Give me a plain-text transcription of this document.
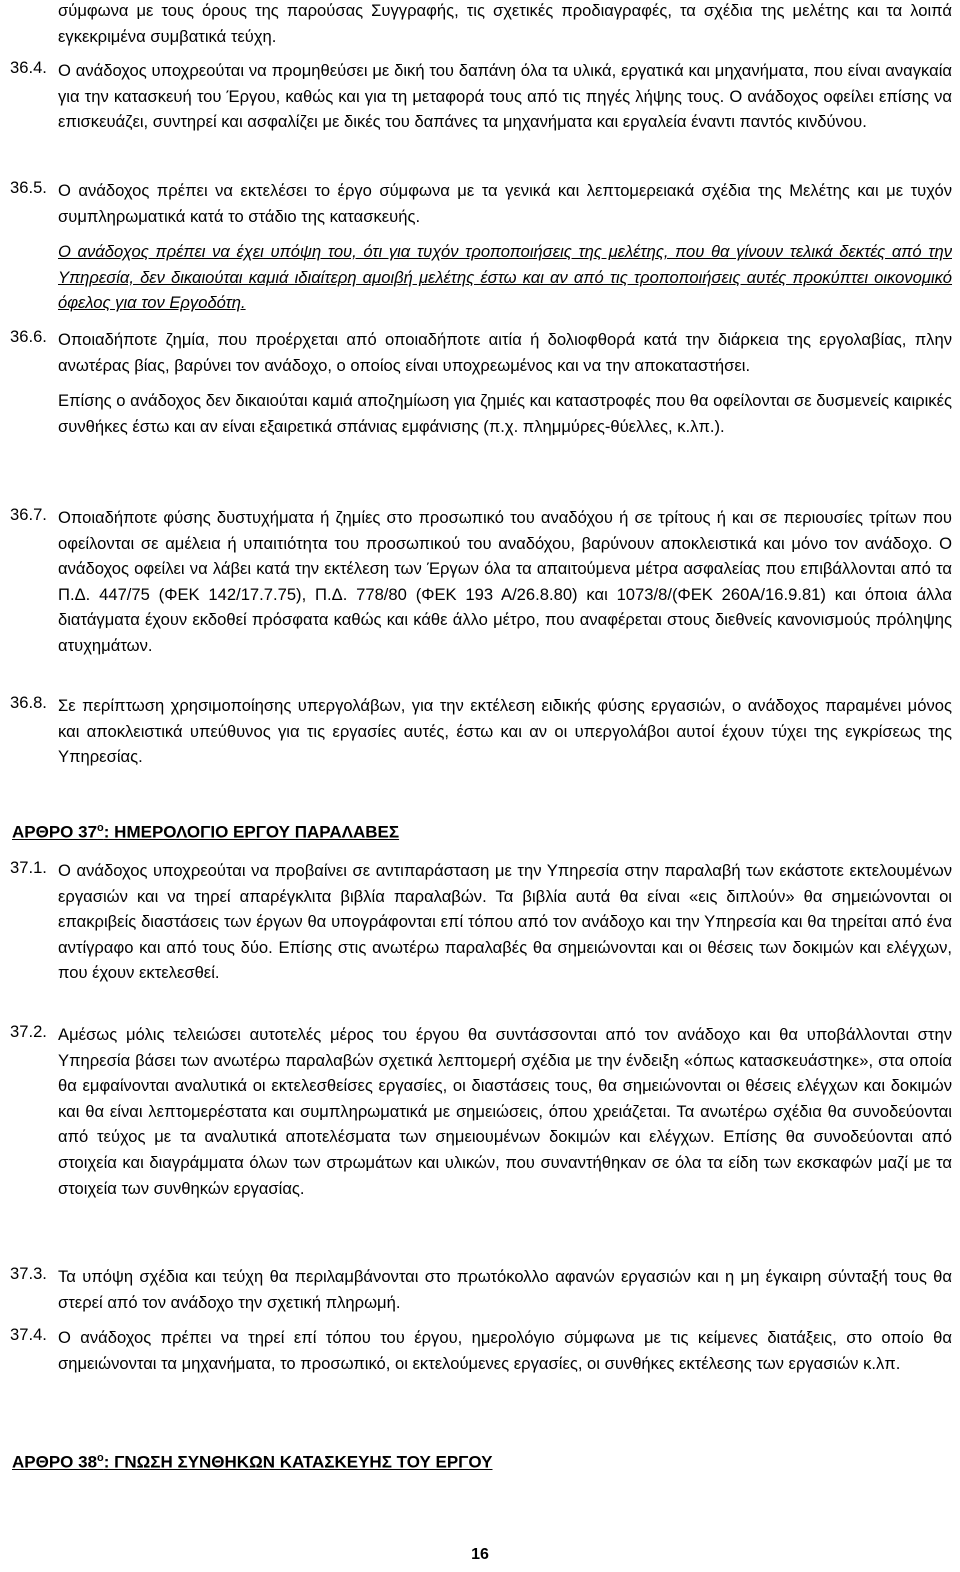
σύμφωνα με τους όρους της παρούσας Συγγραφής, τις σχετικές προδιαγραφές, τα σχέδια της μελέτης και τα λοιπά εγκεκριμένα συμβατικά τεύχη.
36.4. Ο ανάδοχος υποχρεούται να προμηθεύσει με δική του δαπάνη όλα τα υλικά, εργατικά και μηχανήματα, που είναι αναγκαία για την κατασκευή του Έργου, καθώς και για τη μεταφορά τους από τις πηγές λήψης τους. Ο ανάδοχος οφείλει επίσης να επισκευάζει, συντηρεί και ασφαλίζει με δικές του δαπάνες τα μηχανήματα και εργαλεία έναντι παντός κινδύνου.

36.5. Ο ανάδοχος πρέπει να εκτελέσει το έργο σύμφωνα με τα γενικά και λεπτομερειακά σχέδια της Μελέτης και με τυχόν συμπληρωματικά κατά το στάδιο της κατασκευής.

Ο ανάδοχος πρέπει να έχει υπόψη του, ότι για τυχόν τροποποιήσεις της μελέτης, που θα γίνουν τελικά δεκτές από την Υπηρεσία, δεν δικαιούται καμιά ιδιαίτερη αμοιβή μελέτης έστω και αν από τις τροποποιήσεις αυτές προκύπτει οικονομικό όφελος για τον Εργοδότη.

36.6. Οποιαδήποτε ζημία, που προέρχεται από οποιαδήποτε αιτία ή δολιοφθορά κατά την διάρκεια της εργολαβίας, πλην ανωτέρας βίας, βαρύνει τον ανάδοχο, ο οποίος είναι υποχρεωμένος και να την αποκαταστήσει.

Επίσης ο ανάδοχος δεν δικαιούται καμιά αποζημίωση για ζημιές και καταστροφές που θα οφείλονται σε δυσμενείς καιρικές συνθήκες έστω και αν είναι εξαιρετικά σπάνιας εμφάνισης (π.χ. πλημμύρες-θύελλες, κ.λπ.).

36.7. Οποιαδήποτε φύσης δυστυχήματα ή ζημίες στο προσωπικό του αναδόχου ή σε τρίτους ή και σε περιουσίες τρίτων που οφείλονται σε αμέλεια ή υπαιτιότητα του προσωπικού του αναδόχου, βαρύνουν αποκλειστικά και μόνο τον ανάδοχο. Ο ανάδοχος οφείλει να λάβει κατά την εκτέλεση των Έργων όλα τα απαιτούμενα μέτρα ασφαλείας που επιβάλλονται από τα Π.Δ. 447/75 (ΦΕΚ 142/17.7.75), Π.Δ. 778/80 (ΦΕΚ 193 Α/26.8.80) και 1073/8/(ΦΕΚ 260Α/16.9.81) και όποια άλλα διατάγματα έχουν εκδοθεί πρόσφατα καθώς και κάθε άλλο μέτρο, που αναφέρεται στους διεθνείς κανονισμούς πρόληψης ατυχημάτων.

36.8. Σε περίπτωση χρησιμοποίησης υπεργολάβων, για την εκτέλεση ειδικής φύσης εργασιών, ο ανάδοχος παραμένει μόνος και αποκλειστικά υπεύθυνος για τις εργασίες αυτές, έστω και αν οι υπεργολάβοι αυτοί έχουν τύχει της εγκρίσεως της Υπηρεσίας.

ΑΡΘΡΟ $37^o$: ΗΜΕΡΟΛΟΓΙΟ ΕΡΓΟΥ ΠΑΡΑΛΑΒΕΣ
37.1. Ο ανάδοχος υποχρεούται να προβαίνει σε αντιπαράσταση με την Υπηρεσία στην παραλαβή των εκάστοτε εκτελουμένων εργασιών και να τηρεί απαρέγκλιτα βιβλία παραλαβών. Τα βιβλία αυτά θα είναι «εις διπλούν» θα σημειώνονται οι επακριβείς διαστάσεις των έργων θα υπογράφονται επί τόπου από τον ανάδοχο και την Υπηρεσία και θα τηρείται από ένα αντίγραφο και από τους δύο. Επίσης στις ανωτέρω παραλαβές θα σημειώνονται και οι θέσεις των δοκιμών και ελέγχων, που έχουν εκτελεσθεί.

37.2. Αμέσως μόλις τελειώσει αυτοτελές μέρος του έργου θα συντάσσονται από τον ανάδοχο και θα υποβάλλονται στην Υπηρεσία βάσει των ανωτέρω παραλαβών σχετικά λεπτομερή σχέδια με την ένδειξη «όπως κατασκευάστηκε», στα οποία θα εμφαίνονται αναλυτικά οι εκτελεσθείσες εργασίες, οι διαστάσεις τους, θα σημειώνονται οι θέσεις ελέγχων και δοκιμών και θα είναι λεπτομερέστατα και συμπληρωματικά με σημειώσεις, όπου χρειάζεται. Τα ανωτέρω σχέδια θα συνοδεύονται από τεύχος με τα αναλυτικά αποτελέσματα των σημειουμένων δοκιμών και ελέγχων. Επίσης θα συνοδεύονται από στοιχεία και διαγράμματα όλων των στρωμάτων και υλικών, που συναντήθηκαν σε όλα τα είδη των εκσκαφών μαζί με τα στοιχεία των συνθηκών εργασίας.

37.3. Τα υπόψη σχέδια και τεύχη θα περιλαμβάνονται στο πρωτόκολλο αφανών εργασιών και η μη έγκαιρη σύνταξή τους θα στερεί από τον ανάδοχο την σχετική πληρωμή.

37.4. Ο ανάδοχος πρέπει να τηρεί επί τόπου του έργου, ημερολόγιο σύμφωνα με τις κείμενες διατάξεις, στο οποίο θα σημειώνονται τα μηχανήματα, το προσωπικό, οι εκτελούμενες εργασίες, οι συνθήκες εκτέλεσης των εργασιών κ.λπ.

ΑΡΘΡΟ $38^o$: ΓΝΩΣΗ ΣΥΝΘΗΚΩΝ ΚΑΤΑΣΚΕΥΗΣ ΤΟΥ ΕΡΓΟΥ
16
